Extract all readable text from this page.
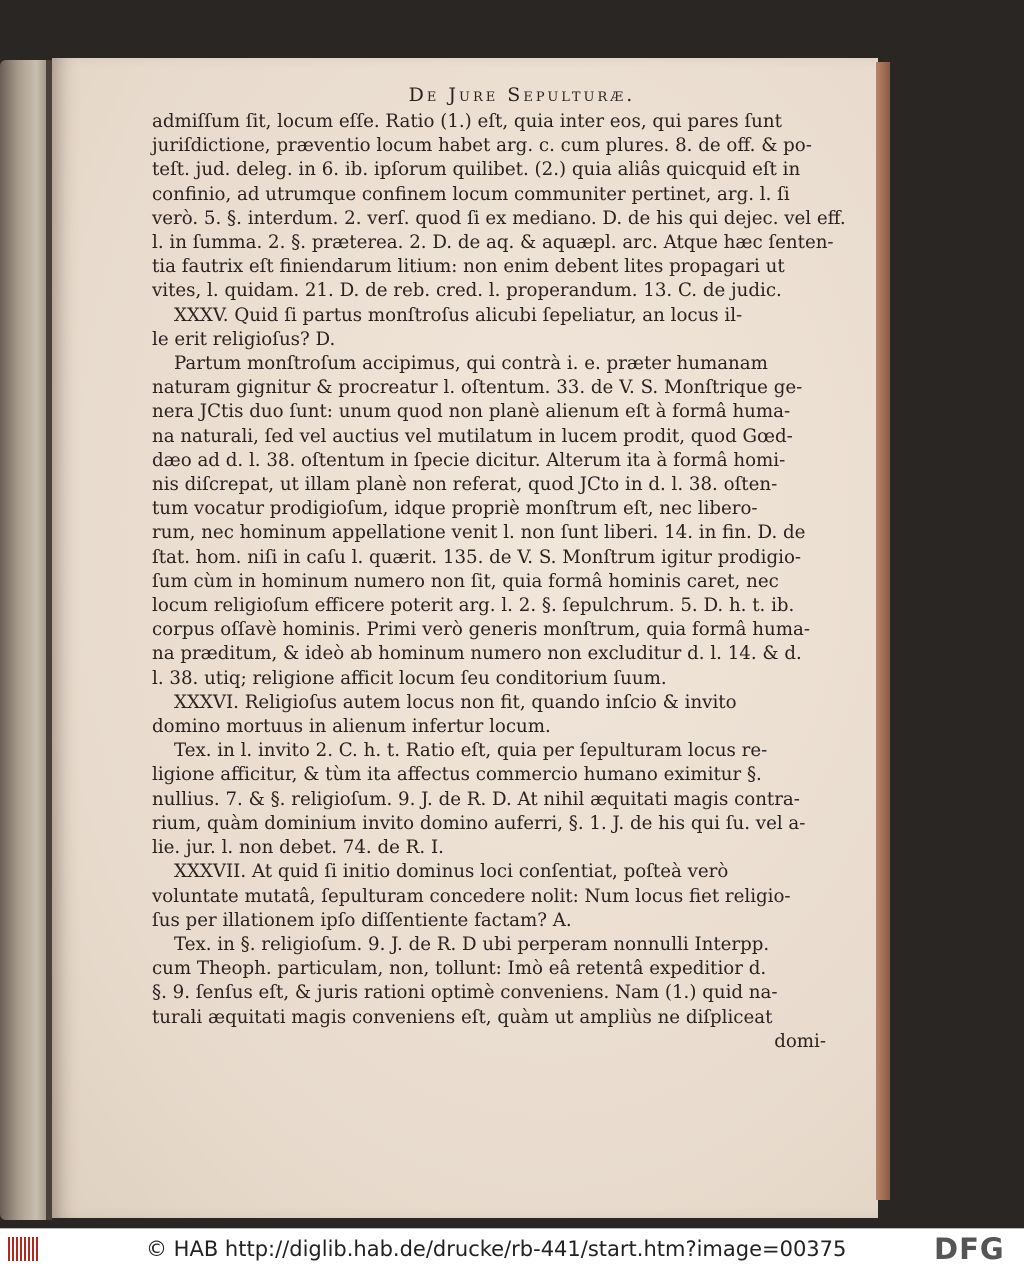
De Jure Sepulturæ.
admiſſum ſit, locum eſſe. Ratio (1.) eſt, quia inter eos, qui pares ſunt
juriſdictione, præventio locum habet arg. c. cum plures. 8. de off. & po-
teſt. jud. deleg. in 6. ib. ipſorum quilibet. (2.) quia aliâs quicquid eſt in
confinio, ad utrumque confinem locum communiter pertinet, arg. l. ſi
verò. 5. §. interdum. 2. verſ. quod ſi ex mediano. D. de his qui dejec. vel eff.
l. in ſumma. 2. §. præterea. 2. D. de aq. & aquæpl. arc. Atque hæc ſenten-
tia fautrix eſt finiendarum litium: non enim debent lites propagari ut
vites, l. quidam. 21. D. de reb. cred. l. properandum. 13. C. de judic.
XXXV. Quid ſi partus monſtroſus alicubi ſepeliatur, an locus il-
le erit religioſus? D.
Partum monſtroſum accipimus, qui contrà i. e. præter humanam
naturam gignitur & procreatur l. oſtentum. 33. de V. S. Monſtrique ge-
nera JCtis duo ſunt: unum quod non planè alienum eſt à formâ huma-
na naturali, ſed vel auctius vel mutilatum in lucem prodit, quod Gœd-
dæo ad d. l. 38. oſtentum in ſpecie dicitur. Alterum ita à formâ homi-
nis diſcrepat, ut illam planè non referat, quod JCto in d. l. 38. oſten-
tum vocatur prodigioſum, idque propriè monſtrum eſt, nec libero-
rum, nec hominum appellatione venit l. non ſunt liberi. 14. in fin. D. de
ſtat. hom. niſi in caſu l. quærit. 135. de V. S. Monſtrum igitur prodigio-
ſum cùm in hominum numero non ſit, quia formâ hominis caret, nec
locum religioſum efficere poterit arg. l. 2. §. ſepulchrum. 5. D. h. t. ib.
corpus oſſavè hominis. Primi verò generis monſtrum, quia formâ huma-
na præditum, & ideò ab hominum numero non excluditur d. l. 14. & d.
l. 38. utiq; religione afficit locum ſeu conditorium ſuum.
XXXVI. Religioſus autem locus non fit, quando inſcio & invito
domino mortuus in alienum infertur locum.
Tex. in l. invito 2. C. h. t. Ratio eſt, quia per ſepulturam locus re-
ligione afficitur, & tùm ita affectus commercio humano eximitur §.
nullius. 7. & §. religioſum. 9. J. de R. D. At nihil æquitati magis contra-
rium, quàm dominium invito domino auferri, §. 1. J. de his qui ſu. vel a-
lie. jur. l. non debet. 74. de R. I.
XXXVII. At quid ſi initio dominus loci conſentiat, poſteà verò
voluntate mutatâ, ſepulturam concedere nolit: Num locus fiet religio-
ſus per illationem ipſo diſſentiente factam? A.
Tex. in §. religioſum. 9. J. de R. D ubi perperam nonnulli Interpp.
cum Theoph. particulam, non, tollunt: Imò eâ retentâ expeditior d.
§. 9. ſenſus eſt, & juris rationi optimè conveniens. Nam (1.) quid na-
turali æquitati magis conveniens eſt, quàm ut ampliùs ne diſpliceat
domi-
© HAB http://diglib.hab.de/drucke/rb-441/start.htm?image=00375	DFG
